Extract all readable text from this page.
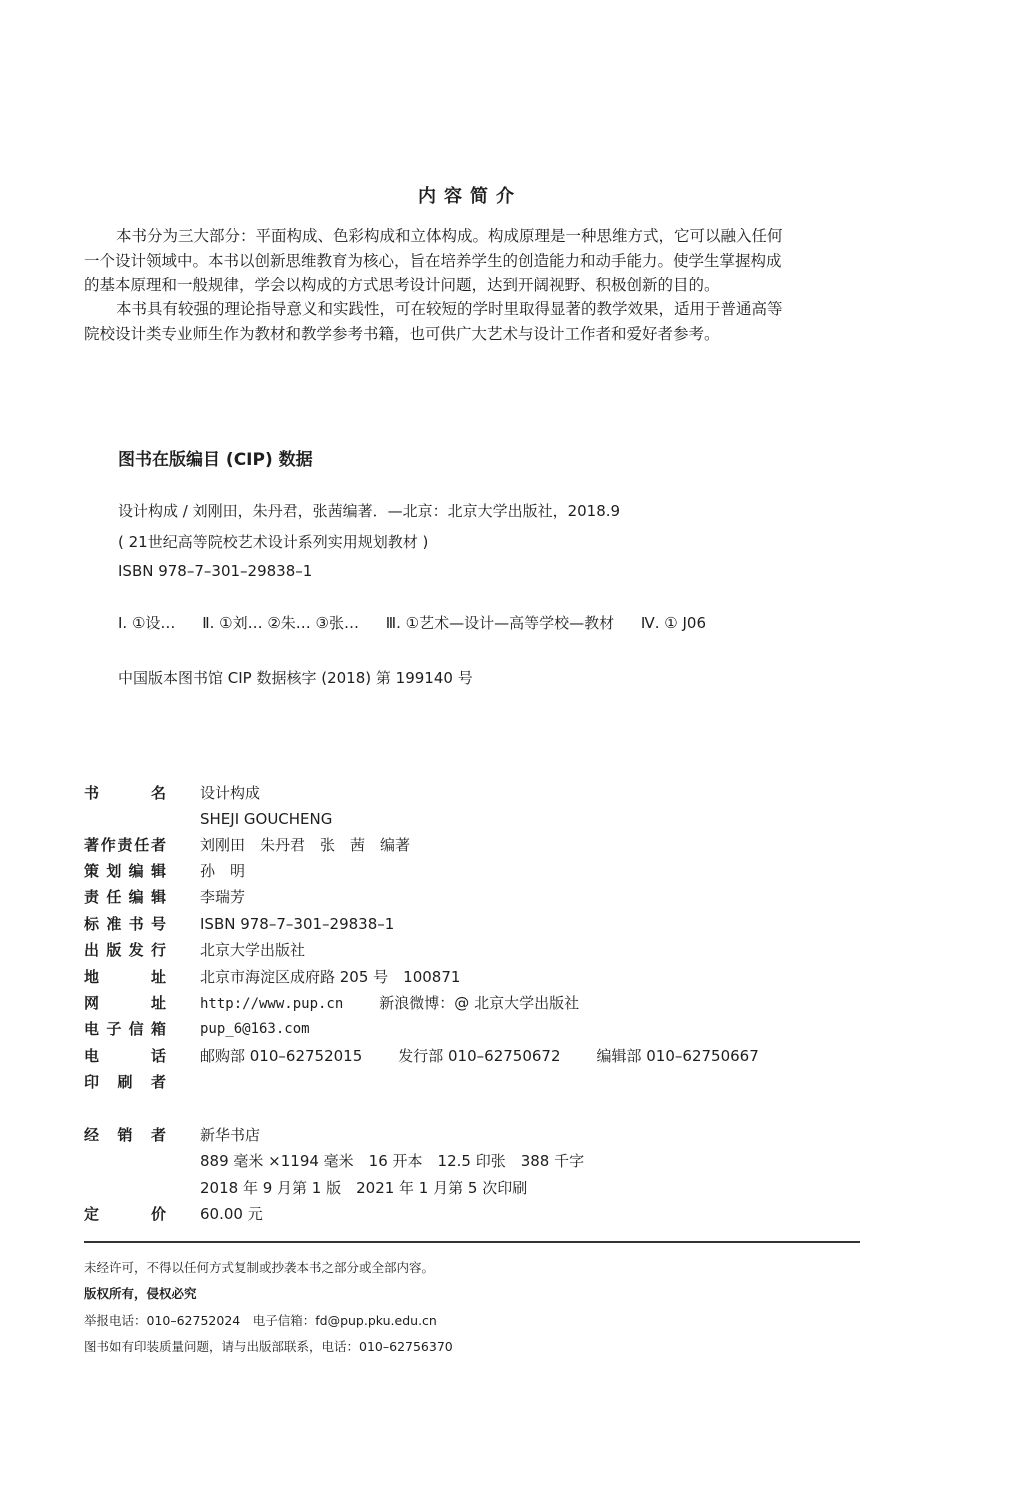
内容简介
本书分为三大部分：平面构成、色彩构成和立体构成。构成原理是一种思维方式，它可以融入任何
一个设计领域中。本书以创新思维教育为核心，旨在培养学生的创造能力和动手能力。使学生掌握构成
的基本原理和一般规律，学会以构成的方式思考设计问题，达到开阔视野、积极创新的目的。
本书具有较强的理论指导意义和实践性，可在较短的学时里取得显著的教学效果，适用于普通高等
院校设计类专业师生作为教材和教学参考书籍，也可供广大艺术与设计工作者和爱好者参考。
图书在版编目 (CIP) 数据
设计构成 / 刘刚田，朱丹君，张茜编著．—北京：北京大学出版社，2018.9
( 21世纪高等院校艺术设计系列实用规划教材 )
ISBN 978–7–301–29838–1
Ⅰ. ①设… Ⅱ. ①刘… ②朱… ③张… Ⅲ. ①艺术—设计—高等学校—教材 Ⅳ. ① J06
中国版本图书馆 CIP 数据核字 (2018) 第 199140 号
书名 设计构成
SHEJI GOUCHENG
著作责任者 刘刚田　朱丹君　张　茜　编著
策划编辑 孙　明
责任编辑 李瑞芳
标准书号 ISBN 978–7–301–29838–1
出版发行 北京大学出版社
地址 北京市海淀区成府路 205 号　100871
网址 http://www.pup.cn 新浪微博：@ 北京大学出版社
电子信箱 pup_6@163.com
电话 邮购部 010–62752015 发行部 010–62750672 编辑部 010–62750667
印刷者
经销者 新华书店
889 毫米 ×1194 毫米　16 开本　12.5 印张　388 千字
2018 年 9 月第 1 版　2021 年 1 月第 5 次印刷
定价 60.00 元
未经许可，不得以任何方式复制或抄袭本书之部分或全部内容。
版权所有，侵权必究
举报电话：010–62752024　电子信箱：fd@pup.pku.edu.cn
图书如有印装质量问题，请与出版部联系，电话：010–62756370
